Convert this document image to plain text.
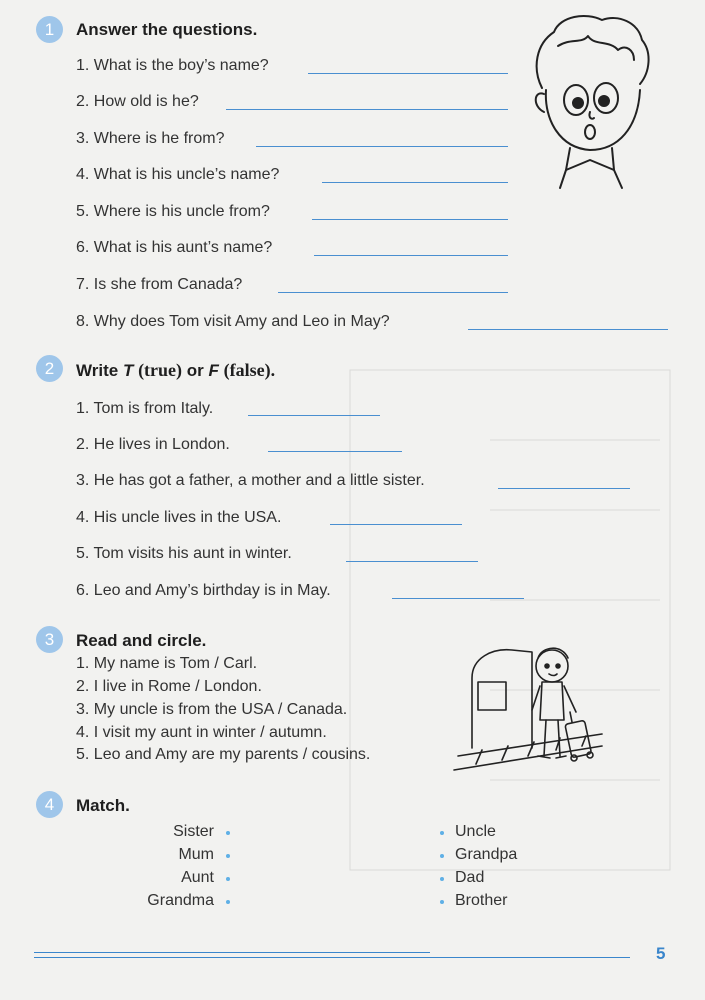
1	Answer the questions.
1. What is the boy’s name?
2. How old is he?
3. Where is he from?
4. What is his uncle’s name?
5. Where is his uncle from?
6. What is his aunt’s name?
7. Is she from Canada?
8. Why does Tom visit Amy and Leo in May?
2	Write T (true) or F (false).
1. Tom is from Italy.
2. He lives in London.
3. He has got a father, a mother and a little sister.
4. His uncle lives in the USA.
5. Tom visits his aunt in winter.
6. Leo and Amy’s birthday is in May.
3	Read and circle.
1. My name is Tom / Carl.
2. I live in Rome / London.
3. My uncle is from the USA / Canada.
4. I visit my aunt in winter / autumn.
5. Leo and Amy are my parents / cousins.
4	Match.
Sister
Mum
Aunt
Grandma
Uncle
Grandpa
Dad
Brother
5
